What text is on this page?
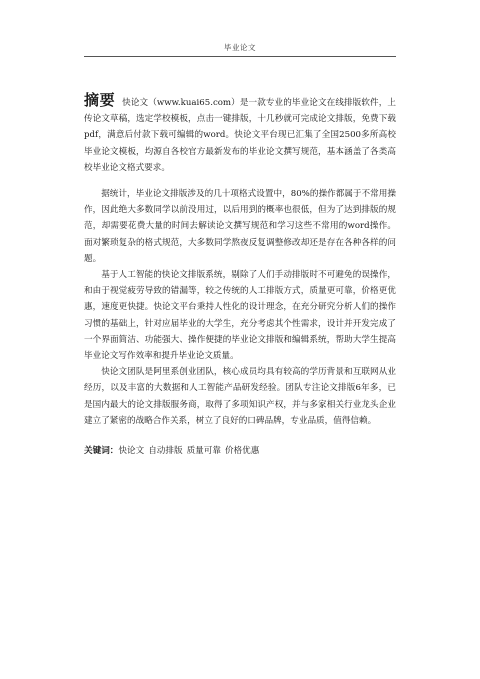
毕业论文

摘要 快论文（www.kuai65.com）是一款专业的毕业论文在线排版软件，上传论文草稿，选定学校模板，点击一键排版，十几秒就可完成论文排版，免费下载pdf，满意后付款下载可编辑的word。快论文平台现已汇集了全国2500多所高校毕业论文模板，均源自各校官方最新发布的毕业论文撰写规范，基本涵盖了各类高校毕业论文格式要求。

据统计，毕业论文排版涉及的几十项格式设置中，80%的操作都属于不常用操作，因此绝大多数同学以前没用过，以后用到的概率也很低，但为了达到排版的规范，却需要花费大量的时间去解读论文撰写规范和学习这些不常用的word操作。面对繁琐复杂的格式规范，大多数同学熬夜反复调整修改却还是存在各种各样的问题。

基于人工智能的快论文排版系统，剔除了人们手动排版时不可避免的误操作，和由于视觉疲劳导致的错漏等，较之传统的人工排版方式，质量更可靠，价格更优惠，速度更快捷。快论文平台秉持人性化的设计理念，在充分研究分析人们的操作习惯的基础上，针对应届毕业的大学生，充分考虑其个性需求，设计并开发完成了一个界面简洁、功能强大、操作便捷的毕业论文排版和编辑系统，帮助大学生提高毕业论文写作效率和提升毕业论文质量。

快论文团队是阿里系创业团队，核心成员均具有较高的学历背景和互联网从业经历，以及丰富的大数据和人工智能产品研发经验。团队专注论文排版6年多，已是国内最大的论文排版服务商，取得了多项知识产权，并与多家相关行业龙头企业建立了紧密的战略合作关系，树立了良好的口碑品牌，专业品质，值得信赖。

关键词：快论文 自动排版 质量可靠 价格优惠
